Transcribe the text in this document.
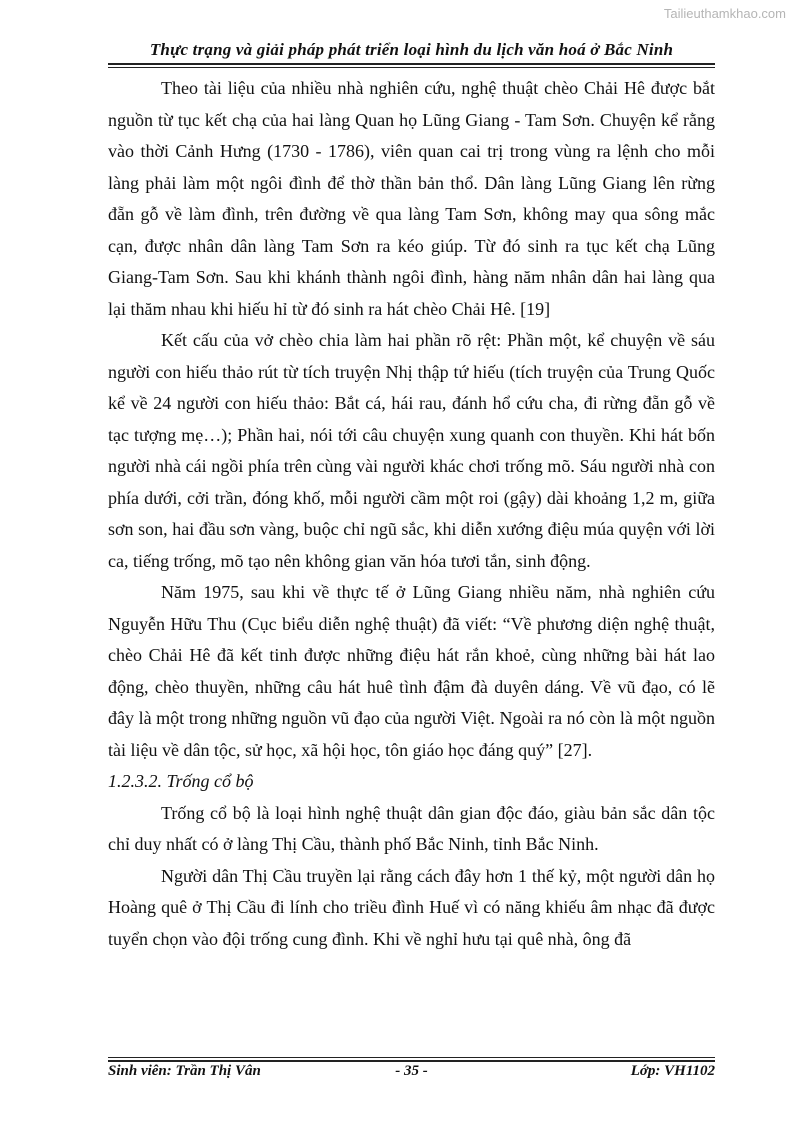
Tailieuthamkhao.com
Thực trạng và giải pháp phát triển loại hình du lịch văn hoá ở Bắc Ninh

Theo tài liệu của nhiều nhà nghiên cứu, nghệ thuật chèo Chải Hê được bắt nguồn từ tục kết chạ của hai làng Quan họ Lũng Giang - Tam Sơn. Chuyện kể rằng vào thời Cảnh Hưng (1730 - 1786), viên quan cai trị trong vùng ra lệnh cho mỗi làng phải làm một ngôi đình để thờ thần bản thổ. Dân làng Lũng Giang lên rừng đẵn gỗ về làm đình, trên đường về qua làng Tam Sơn, không may qua sông mắc cạn, được nhân dân làng Tam Sơn ra kéo giúp. Từ đó sinh ra tục kết chạ Lũng Giang-Tam Sơn. Sau khi khánh thành ngôi đình, hàng năm nhân dân hai làng qua lại thăm nhau khi hiếu hỉ từ đó sinh ra hát chèo Chải Hê. [19]

Kết cấu của vở chèo chia làm hai phần rõ rệt: Phần một, kể chuyện về sáu người con hiếu thảo rút từ tích truyện Nhị thập tứ hiếu (tích truyện của Trung Quốc kể về 24 người con hiếu thảo: Bắt cá, hái rau, đánh hổ cứu cha, đi rừng đẵn gỗ về tạc tượng mẹ…); Phần hai, nói tới câu chuyện xung quanh con thuyền. Khi hát bốn người nhà cái ngồi phía trên cùng vài người khác chơi trống mõ. Sáu người nhà con phía dưới, cởi trần, đóng khố, mỗi người cầm một roi (gậy) dài khoảng 1,2 m, giữa sơn son, hai đầu sơn vàng, buộc chỉ ngũ sắc, khi diễn xướng điệu múa quyện với lời ca, tiếng trống, mõ tạo nên không gian văn hóa tươi tắn, sinh động.

Năm 1975, sau khi về thực tế ở Lũng Giang nhiều năm, nhà nghiên cứu Nguyễn Hữu Thu (Cục biểu diễn nghệ thuật) đã viết: “Về phương diện nghệ thuật, chèo Chải Hê đã kết tinh được những điệu hát rắn khoẻ, cùng những bài hát lao động, chèo thuyền, những câu hát huê tình đậm đà duyên dáng. Về vũ đạo, có lẽ đây là một trong những nguồn vũ đạo của người Việt. Ngoài ra nó còn là một nguồn tài liệu về dân tộc, sử học, xã hội học, tôn giáo học đáng quý” [27].

1.2.3.2. Trống cổ bộ

Trống cổ bộ là loại hình nghệ thuật dân gian độc đáo, giàu bản sắc dân tộc chỉ duy nhất có ở làng Thị Cầu, thành phố Bắc Ninh, tỉnh Bắc Ninh.

Người dân Thị Cầu truyền lại rằng cách đây hơn 1 thế kỷ, một người dân họ Hoàng quê ở Thị Cầu đi lính cho triều đình Huế vì có năng khiếu âm nhạc đã được tuyển chọn vào đội trống cung đình. Khi về nghỉ hưu tại quê nhà, ông đã

Sinh viên: Trần Thị Vân	- 35 -	Lớp: VH1102
